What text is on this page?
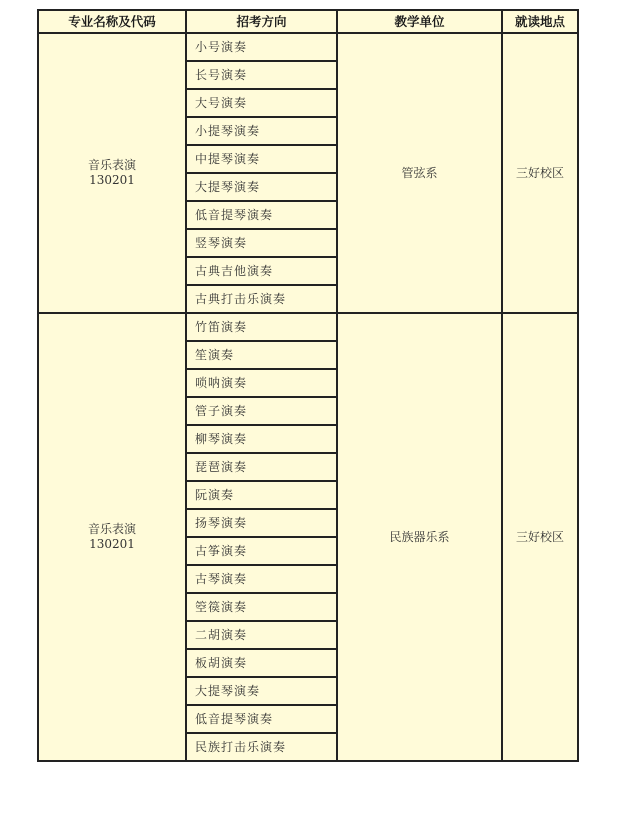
专业名称及代码	招考方向	教学单位	就读地点

音乐表演
130201	小号演奏	管弦系	三好校区
	长号演奏		
	大号演奏		
	小提琴演奏		
	中提琴演奏		
	大提琴演奏		
	低音提琴演奏		
	竖琴演奏		
	古典吉他演奏		
	古典打击乐演奏		

音乐表演
130201	竹笛演奏	民族器乐系	三好校区
	笙演奏		
	唢呐演奏		
	管子演奏		
	柳琴演奏		
	琵琶演奏		
	阮演奏		
	扬琴演奏		
	古筝演奏		
	古琴演奏		
	箜篌演奏		
	二胡演奏		
	板胡演奏		
	大提琴演奏		
	低音提琴演奏		
	民族打击乐演奏		
